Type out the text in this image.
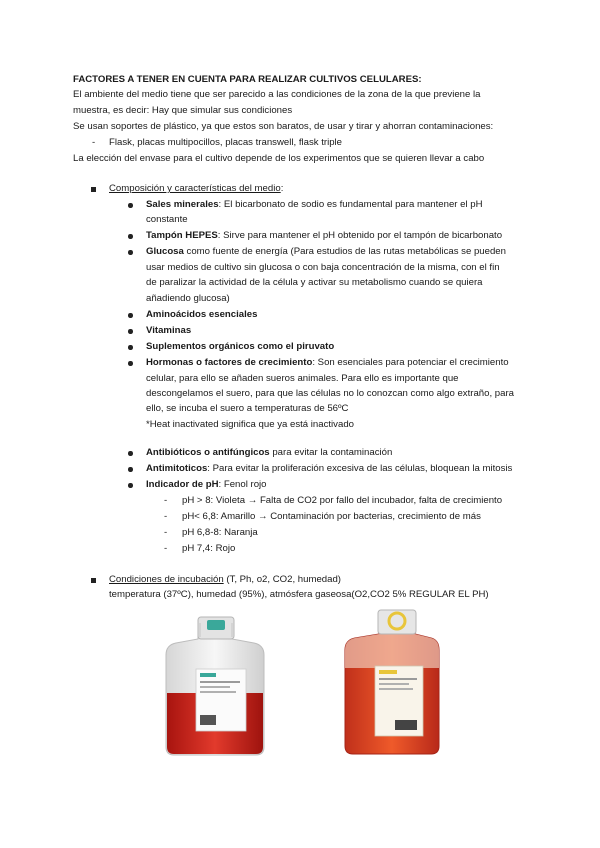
FACTORES A TENER EN CUENTA PARA REALIZAR CULTIVOS CELULARES:
El ambiente del medio tiene que ser parecido a las condiciones de la zona de la que previene la
muestra, es decir: Hay que simular sus condiciones
Se usan soportes de plástico, ya que estos son baratos, de usar y tirar y ahorran contaminaciones:
- Flask, placas multipocillos, placas transwell, flask triple
La elección del envase para el cultivo depende de los experimentos que se quieren llevar a cabo
Composición y características del medio:
Sales minerales: El bicarbonato de sodio es fundamental para mantener el pH
constante
Tampón HEPES: Sirve para mantener el pH obtenido por el tampón de bicarbonato
Glucosa como fuente de energía (Para estudios de las rutas metabólicas se pueden
usar medios de cultivo sin glucosa o con baja concentración de la misma, con el fin
de paralizar la actividad de la célula y activar su metabolismo cuando se quiera
añadiendo glucosa)
Aminoácidos esenciales
Vitaminas
Suplementos orgánicos como el piruvato
Hormonas o factores de crecimiento: Son esenciales para potenciar el crecimiento
celular, para ello se añaden sueros animales. Para ello es importante que
descongelamos el suero, para que las células no lo conozcan como algo extraño, para
ello, se incuba el suero a temperaturas de 56ºC
*Heat inactivated significa que ya está inactivado
Antibióticos o antifúngicos para evitar la contaminación
Antimitoticos: Para evitar la proliferación excesiva de las células, bloquean la mitosis
Indicador de pH: Fenol rojo
- pH > 8: Violeta → Falta de CO2 por fallo del incubador, falta de crecimiento
- pH< 6,8: Amarillo → Contaminación por bacterias, crecimiento de más
- pH 6,8-8: Naranja
- pH 7,4: Rojo
Condiciones de incubación (T, Ph, o2, CO2, humedad)
temperatura (37ºC), humedad (95%), atmósfera gaseosa(O2,CO2 5% REGULAR EL PH)
